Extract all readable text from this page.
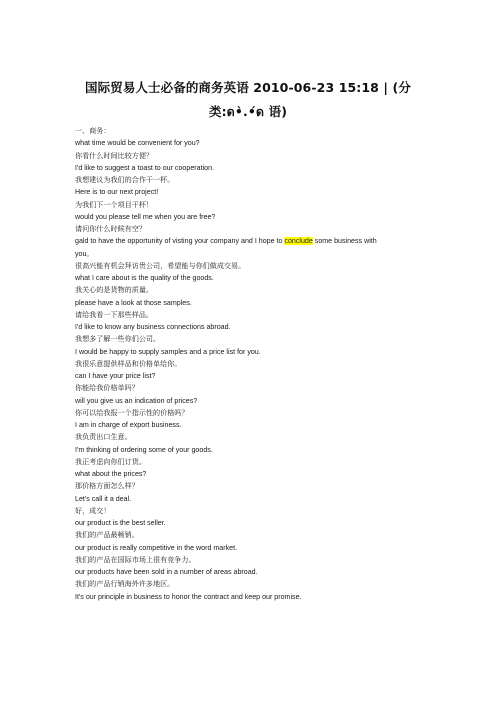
国际贸易人士必备的商务英语 2010-06-23 15:18 | (分
类:ด•̀.•́ด 语)
一、商务：
what time would be convenient for you?
你看什么时间比较方便？
I'd like to suggest a toast to our cooperation.
我想建议为我们的合作干一杯。
Here is to our next project!
为我们下一个项目干杯！
would you please tell me when you are free?
请问你什么时候有空？
gald to have the opportunity of visting your company and I hope to conclude some business with
you。
很高兴能有机会拜访贵公司，希望能与你们做成交易。
what I care about is the quality of the goods.
我关心的是货物的质量。
please have a look at those samples.
请给我看一下那些样品。
I'd like to know any business connections abroad.
我想多了解一些你们公司。
I would be happy to supply samples and a price list for you.
我很乐意提供样品和价格单给你。
can I have your price list?
你能给我价格单吗？
will you give us an indication of prices?
你可以给我报一个指示性的价格吗？
I am in charge of export business.
我负责出口生意。
I'm thinking of ordering some of your goods.
我正考虑向你们订货。
what about the prices?
那价格方面怎么样？
Let's call it a deal.
好，成交！
our product is the best seller.
我们的产品最畅销。
our product is really competitive in the word market.
我们的产品在国际市场上很有竞争力。
our products have been sold in a number of areas abroad.
我们的产品行销海外许多地区。
It's our principle in business to honor the contract and keep our promise.
